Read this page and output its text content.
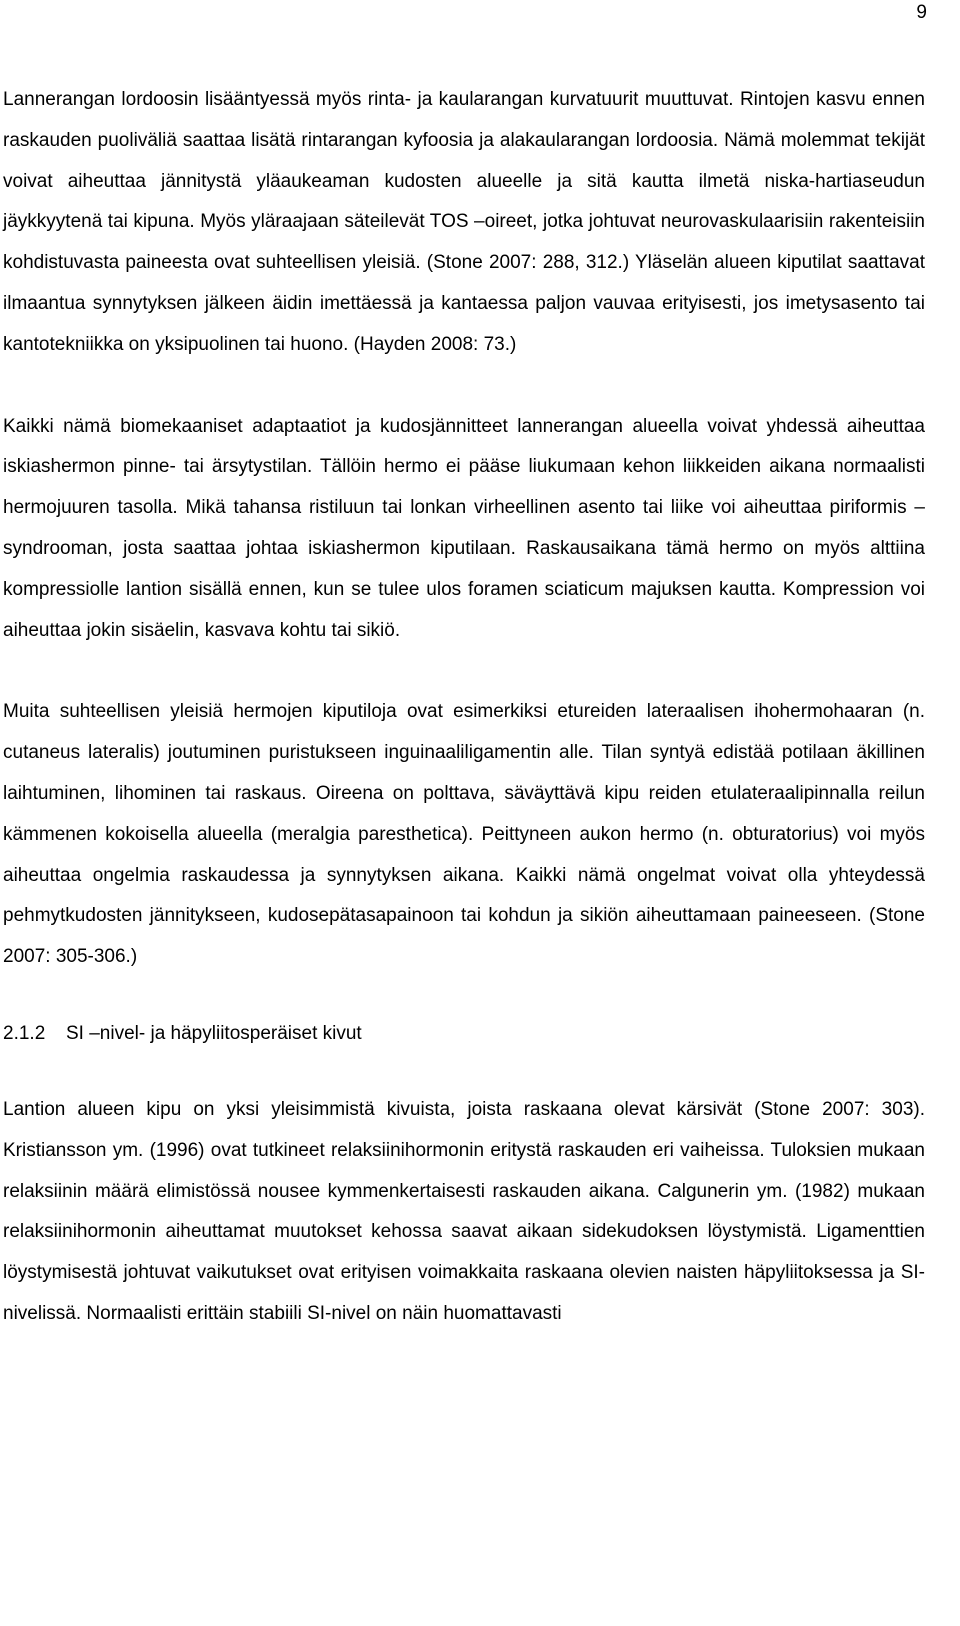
9

Lannerangan lordoosin lisääntyessä myös rinta- ja kaularangan kurvatuurit muuttuvat. Rintojen kasvu ennen raskauden puoliväliä saattaa lisätä rintarangan kyfoosia ja alakaularangan lordoosia. Nämä molemmat tekijät voivat aiheuttaa jännitystä yläaukeaman kudosten alueelle ja sitä kautta ilmetä niska-hartiaseudun jäykkyytenä tai kipuna. Myös yläraajaan säteilevät TOS –oireet, jotka johtuvat neurovaskulaarisiin rakenteisiin kohdistuvasta paineesta ovat suhteellisen yleisiä. (Stone 2007: 288, 312.) Yläselän alueen kiputilat saattavat ilmaantua synnytyksen jälkeen äidin imettäessä ja kantaessa paljon vauvaa erityisesti, jos imetysasento tai kantotekniikka on yksipuolinen tai huono. (Hayden 2008: 73.)

Kaikki nämä biomekaaniset adaptaatiot ja kudosjännitteet lannerangan alueella voivat yhdessä aiheuttaa iskiashermon pinne- tai ärsytystilan. Tällöin hermo ei pääse liukumaan kehon liikkeiden aikana normaalisti hermojuuren tasolla. Mikä tahansa ristiluun tai lonkan virheellinen asento tai liike voi aiheuttaa piriformis –syndrooman, josta saattaa johtaa iskiashermon kiputilaan. Raskausaikana tämä hermo on myös alttiina kompressiolle lantion sisällä ennen, kun se tulee ulos foramen sciaticum majuksen kautta. Kompression voi aiheuttaa jokin sisäelin, kasvava kohtu tai sikiö.

Muita suhteellisen yleisiä hermojen kiputiloja ovat esimerkiksi etureiden lateraalisen ihohermohaaran (n. cutaneus lateralis) joutuminen puristukseen inguinaaliligamentin alle. Tilan syntyä edistää potilaan äkillinen laihtuminen, lihominen tai raskaus. Oireena on polttava, säväyttävä kipu reiden etulateraalipinnalla reilun kämmenen kokoisella alueella (meralgia paresthetica). Peittyneen aukon hermo (n. obturatorius) voi myös aiheuttaa ongelmia raskaudessa ja synnytyksen aikana. Kaikki nämä ongelmat voivat olla yhteydessä pehmytkudosten jännitykseen, kudosepätasapainoon tai kohdun ja sikiön aiheuttamaan paineeseen. (Stone 2007: 305-306.)

2.1.2	SI –nivel- ja häpyliitosperäiset kivut

Lantion alueen kipu on yksi yleisimmistä kivuista, joista raskaana olevat kärsivät (Stone 2007: 303). Kristiansson ym. (1996) ovat tutkineet relaksiinihormonin eritystä raskauden eri vaiheissa. Tuloksien mukaan relaksiinin määrä elimistössä nousee kymmenkertaisesti raskauden aikana. Calgunerin ym. (1982) mukaan relaksiinihormonin aiheuttamat muutokset kehossa saavat aikaan sidekudoksen löystymistä. Ligamenttien löystymisestä johtuvat vaikutukset ovat erityisen voimakkaita raskaana olevien naisten häpyliitoksessa ja SI-nivelissä. Normaalisti erittäin stabiili SI-nivel on näin huomattavasti
